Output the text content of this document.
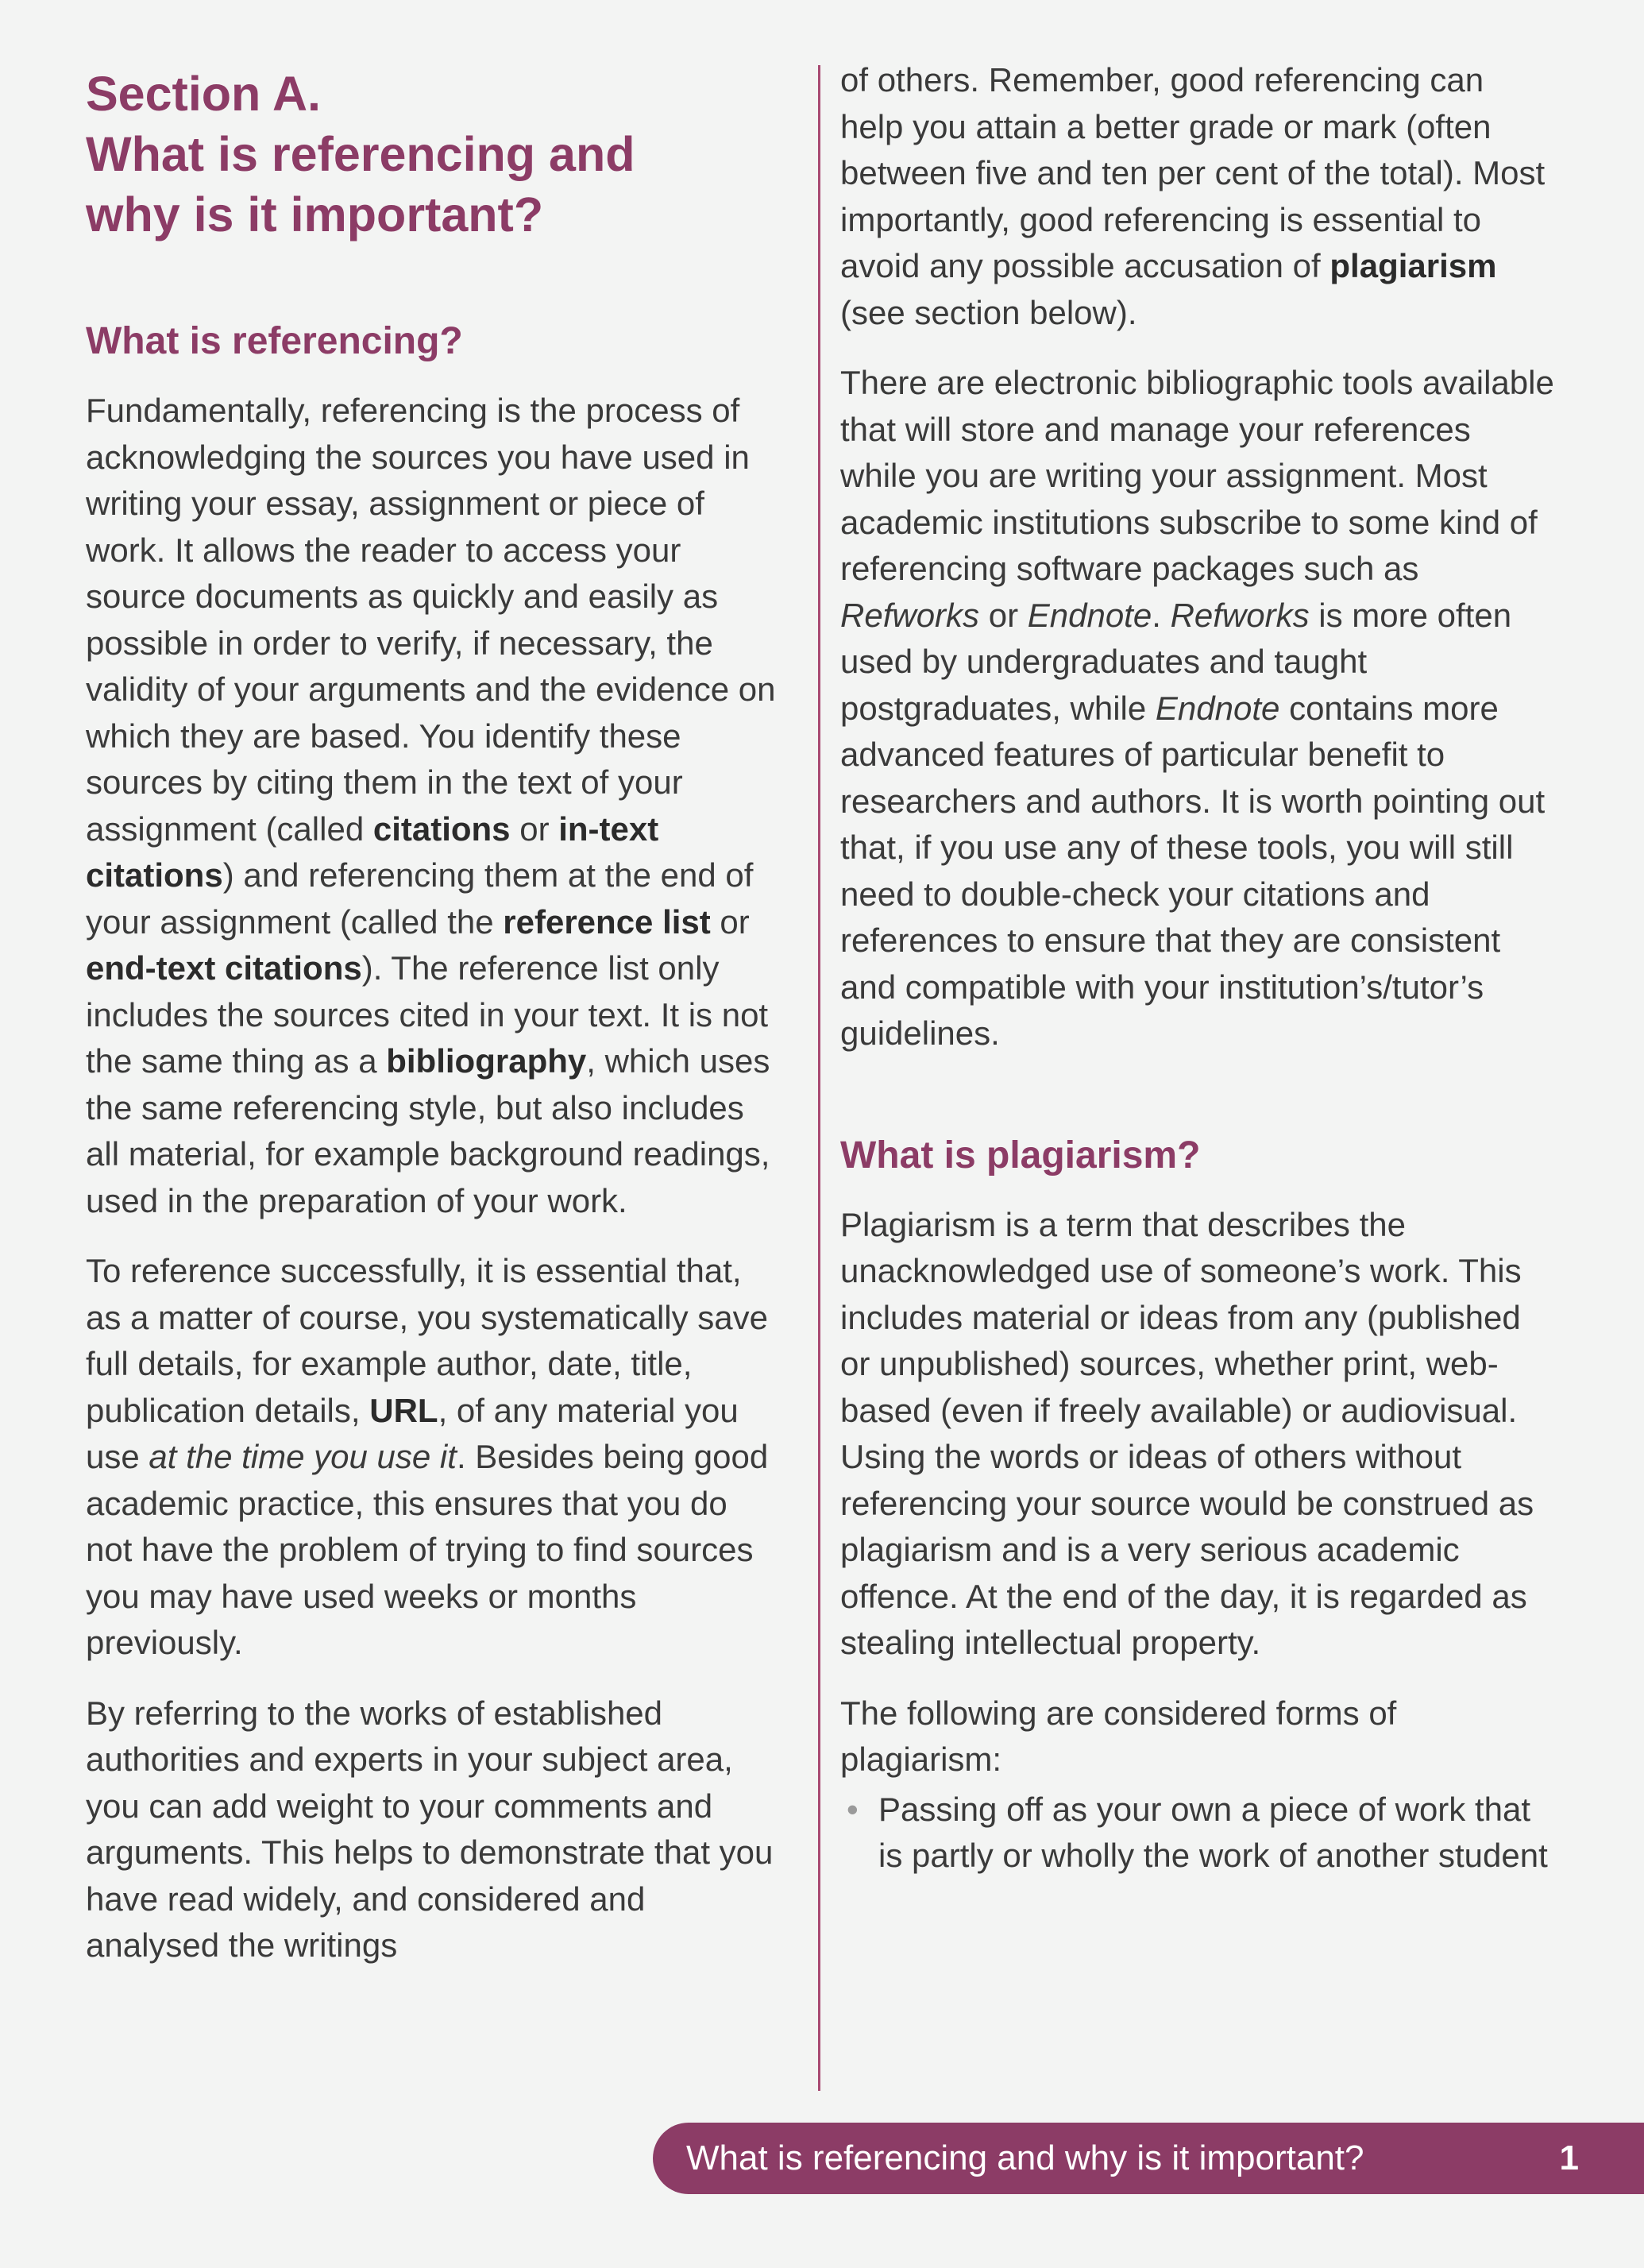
Section A.
What is referencing and
why is it important?
What is referencing?

Fundamentally, referencing is the process of acknowledging the sources you have used in writing your essay, assignment or piece of work. It allows the reader to access your source documents as quickly and easily as possible in order to verify, if necessary, the validity of your arguments and the evidence on which they are based. You identify these sources by citing them in the text of your assignment (called citations or in-text citations) and referencing them at the end of your assignment (called the reference list or end-text citations). The reference list only includes the sources cited in your text. It is not the same thing as a bibliography, which uses the same referencing style, but also includes all material, for example background readings, used in the preparation of your work.

To reference successfully, it is essential that, as a matter of course, you systematically save full details, for example author, date, title, publication details, URL, of any material you use at the time you use it. Besides being good academic practice, this ensures that you do not have the problem of trying to find sources you may have used weeks or months previously.

By referring to the works of established authorities and experts in your subject area, you can add weight to your comments and arguments. This helps to demonstrate that you have read widely, and considered and analysed the writings

of others. Remember, good referencing can help you attain a better grade or mark (often between five and ten per cent of the total). Most importantly, good referencing is essential to avoid any possible accusation of plagiarism (see section below).

There are electronic bibliographic tools available that will store and manage your references while you are writing your assignment. Most academic institutions subscribe to some kind of referencing software packages such as Refworks or Endnote. Refworks is more often used by undergraduates and taught postgraduates, while Endnote contains more advanced features of particular benefit to researchers and authors. It is worth pointing out that, if you use any of these tools, you will still need to double-check your citations and references to ensure that they are consistent and compatible with your institution’s/tutor’s guidelines.

What is plagiarism?

Plagiarism is a term that describes the unacknowledged use of someone’s work. This includes material or ideas from any (published or unpublished) sources, whether print, web-based (even if freely available) or audiovisual. Using the words or ideas of others without referencing your source would be construed as plagiarism and is a very serious academic offence. At the end of the day, it is regarded as stealing intellectual property.

The following are considered forms of plagiarism:

• Passing off as your own a piece of work that is partly or wholly the work of another student
What is referencing and why is it important?	1
